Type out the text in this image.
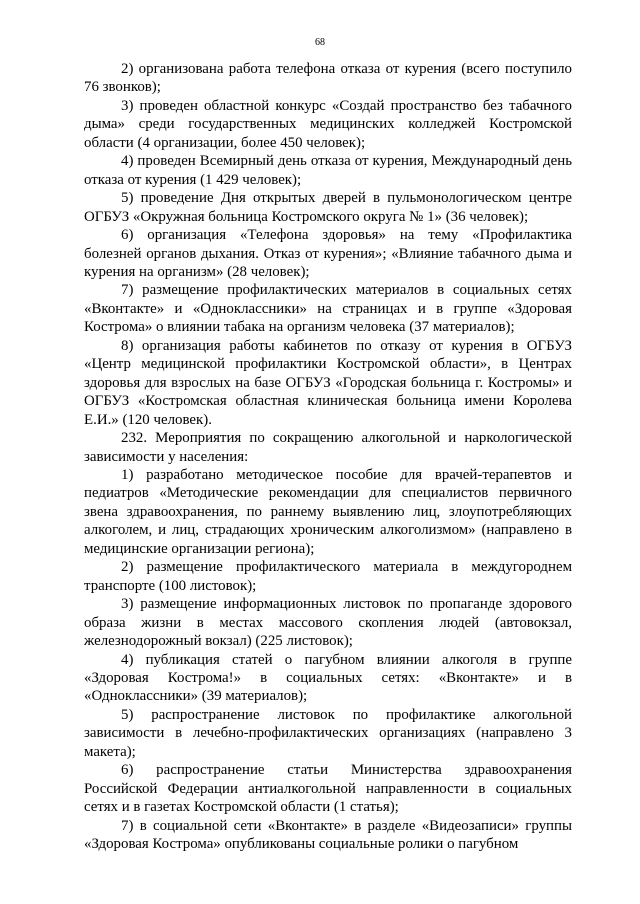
68

2) организована работа телефона отказа от курения (всего поступило 76 звонков);

3) проведен областной конкурс «Создай пространство без табачного дыма» среди государственных медицинских колледжей Костромской области (4 организации, более 450 человек);

4) проведен Всемирный день отказа от курения, Международный день отказа от курения (1 429 человек);

5) проведение Дня открытых дверей в пульмонологическом центре ОГБУЗ «Окружная больница Костромского округа № 1» (36 человек);

6) организация «Телефона здоровья» на тему «Профилактика болезней органов дыхания. Отказ от курения»; «Влияние табачного дыма и курения на организм» (28 человек);

7) размещение профилактических материалов в социальных сетях «Вконтакте» и «Одноклассники» на страницах и в группе «Здоровая Кострома» о влиянии табака на организм человека (37 материалов);

8) организация работы кабинетов по отказу от курения в ОГБУЗ «Центр медицинской профилактики Костромской области», в Центрах здоровья для взрослых на базе ОГБУЗ «Городская больница г. Костромы» и ОГБУЗ «Костромская областная клиническая больница имени Королева Е.И.» (120 человек).

232. Мероприятия по сокращению алкогольной и наркологической зависимости у населения:

1) разработано методическое пособие для врачей-терапевтов и педиатров «Методические рекомендации для специалистов первичного звена здравоохранения, по раннему выявлению лиц, злоупотребляющих алкоголем, и лиц, страдающих хроническим алкоголизмом» (направлено в медицинские организации региона);

2) размещение профилактического материала в междугороднем транспорте (100 листовок);

3) размещение информационных листовок по пропаганде здорового образа жизни в местах массового скопления людей (автовокзал, железнодорожный вокзал) (225 листовок);

4) публикация статей о пагубном влиянии алкоголя в группе «Здоровая Кострома!» в социальных сетях: «Вконтакте» и в «Одноклассники» (39 материалов);

5) распространение листовок по профилактике алкогольной зависимости в лечебно-профилактических организациях (направлено 3 макета);

6) распространение статьи Министерства здравоохранения Российской Федерации антиалкогольной направленности в социальных сетях и в газетах Костромской области (1 статья);

7) в социальной сети «Вконтакте» в разделе «Видеозаписи» группы «Здоровая Кострома» опубликованы социальные ролики о пагубном
